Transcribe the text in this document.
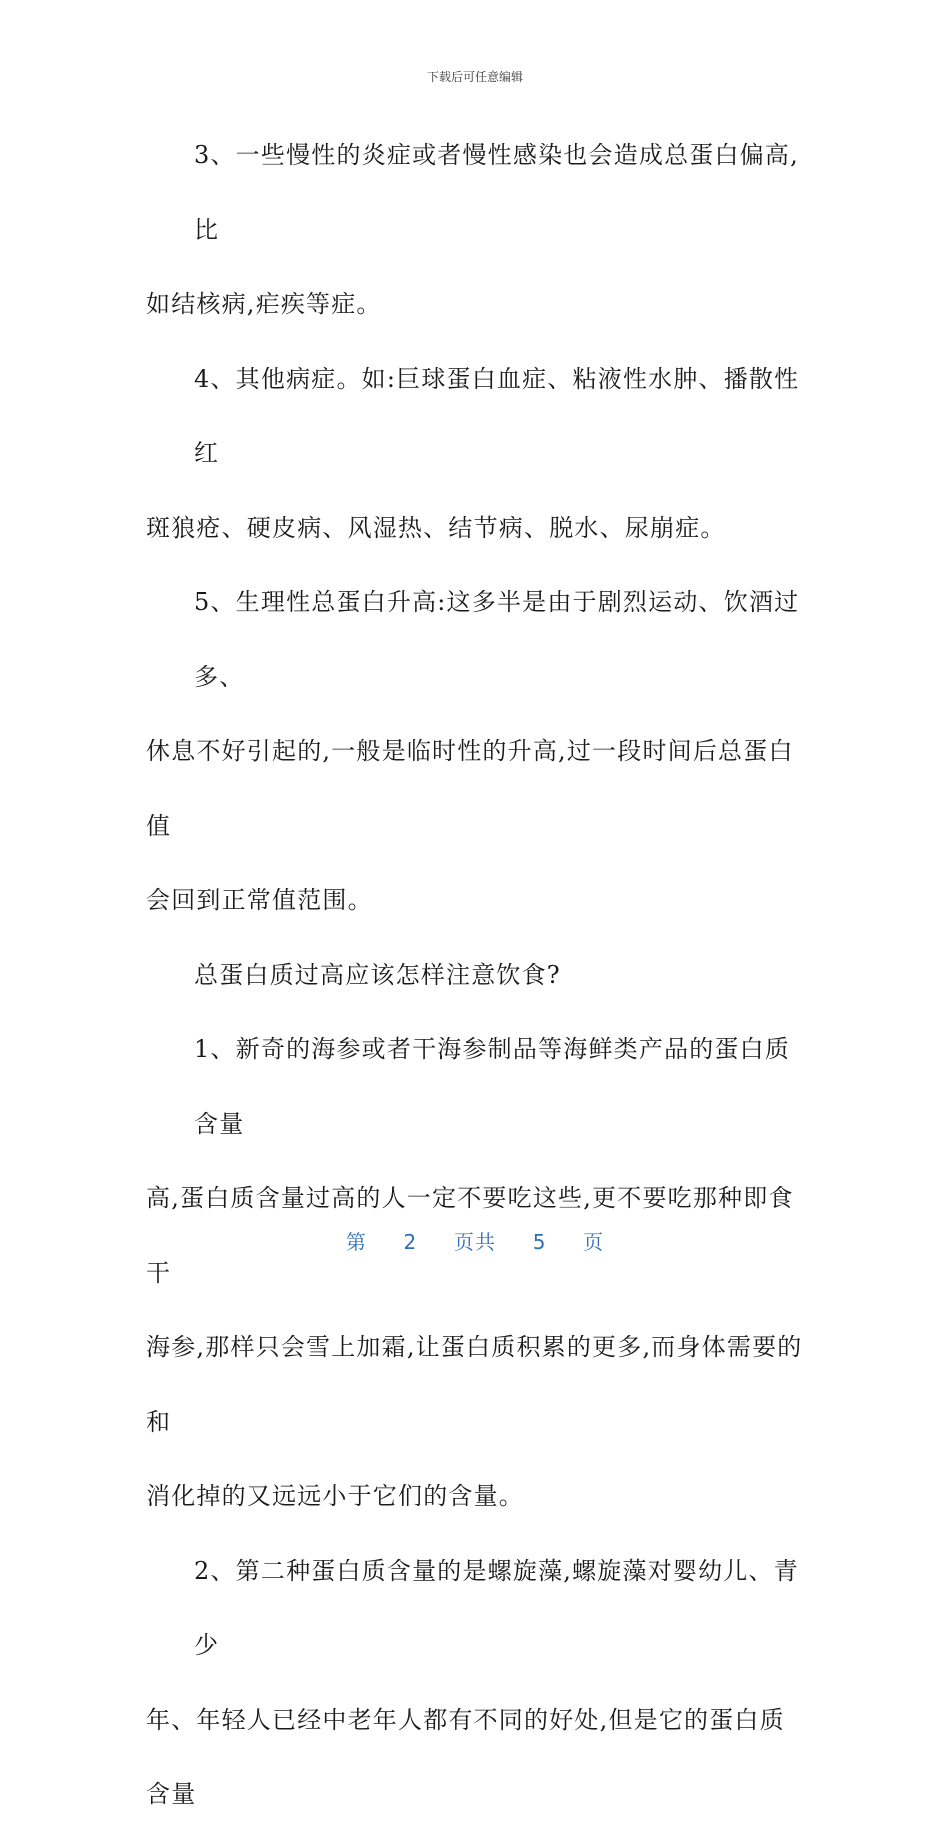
下载后可任意编辑
3、一些慢性的炎症或者慢性感染也会造成总蛋白偏高,比
如结核病,疟疾等症。
4、其他病症。如:巨球蛋白血症、粘液性水肿、播散性红
斑狼疮、硬皮病、风湿热、结节病、脱水、尿崩症。
5、生理性总蛋白升高:这多半是由于剧烈运动、饮酒过多、
休息不好引起的,一般是临时性的升高,过一段时间后总蛋白值
会回到正常值范围。
总蛋白质过高应该怎样注意饮食?
1、新奇的海参或者干海参制品等海鲜类产品的蛋白质含量
高,蛋白质含量过高的人一定不要吃这些,更不要吃那种即食干
海参,那样只会雪上加霜,让蛋白质积累的更多,而身体需要的和
消化掉的又远远小于它们的含量。
2、第二种蛋白质含量的是螺旋藻,螺旋藻对婴幼儿、青少
年、年轻人已经中老年人都有不同的好处,但是它的蛋白质含量
第 2 页共 5 页
